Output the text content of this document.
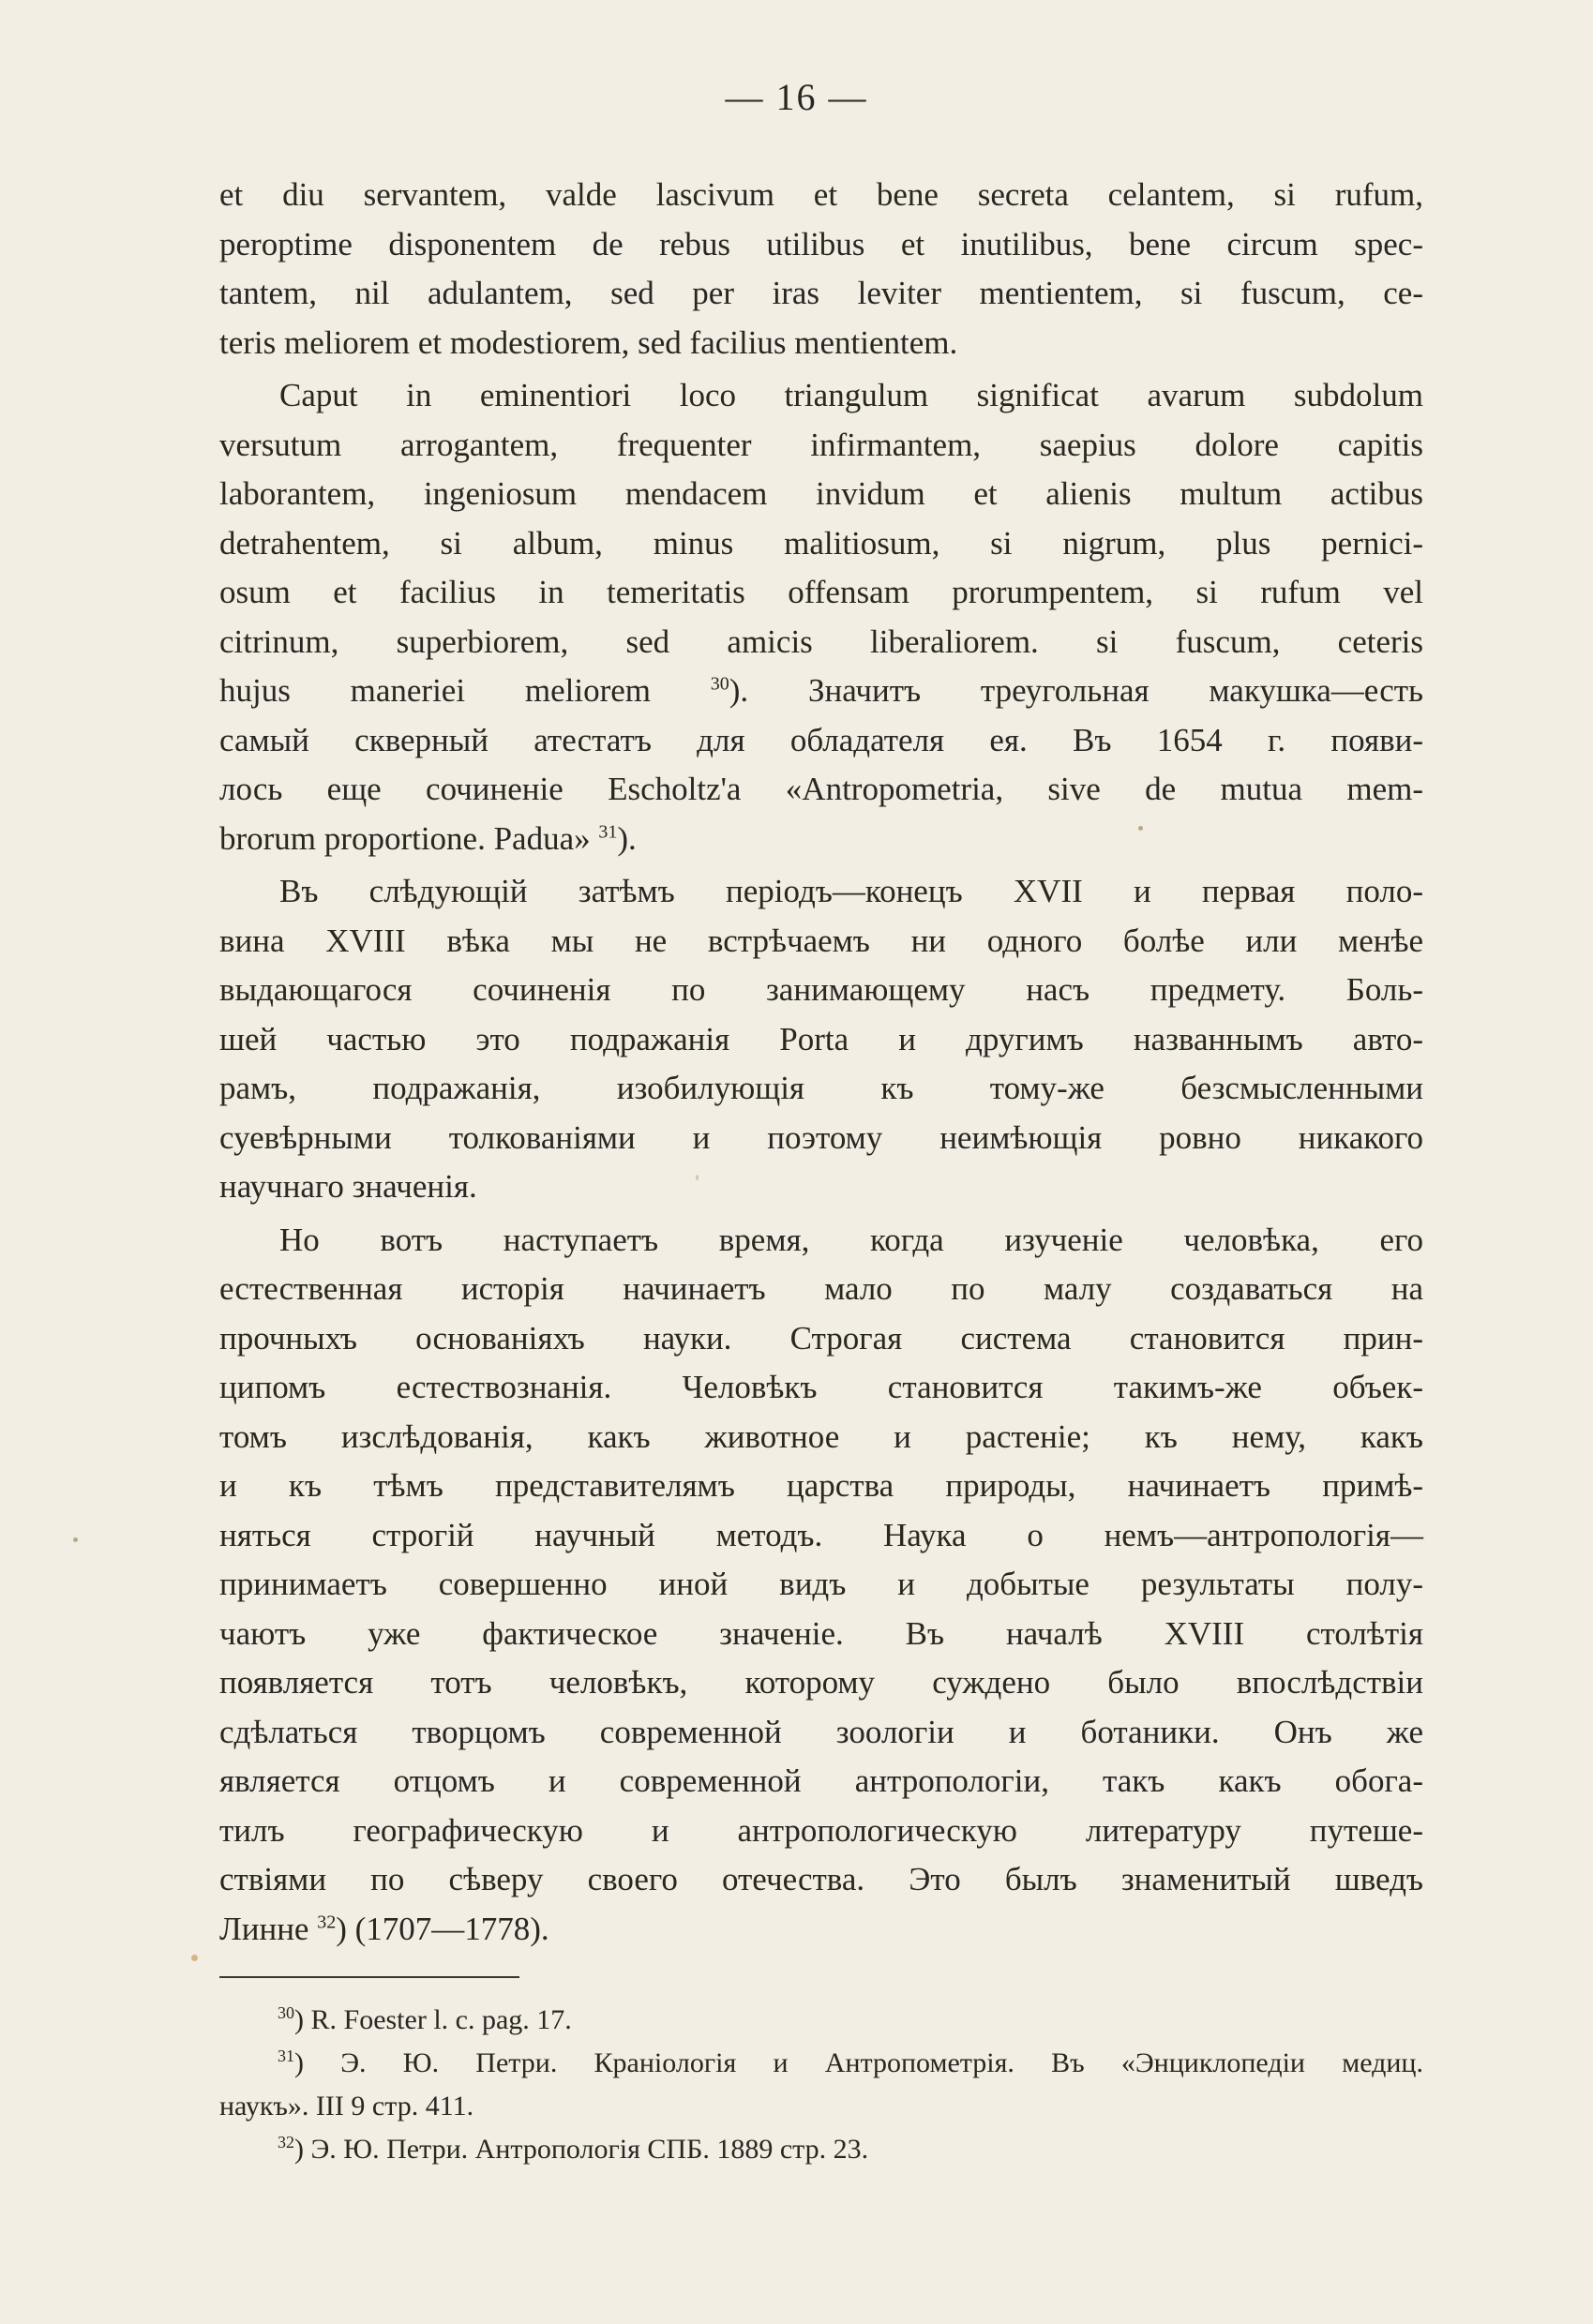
— 16 —
et diu servantem, valde lascivum et bene secreta celantem, si rufum,
peroptime disponentem de rebus utilibus et inutilibus, bene circum spec-
tantem, nil adulantem, sed per iras leviter mentientem, si fuscum, ce-
teris meliorem et modestiorem, sed facilius mentientem.
Caput in eminentiori loco triangulum significat avarum subdolum
versutum arrogantem, frequenter infirmantem, saepius dolore capitis
laborantem, ingeniosum mendacem invidum et alienis multum actibus
detrahentem, si album, minus malitiosum, si nigrum, plus pernici-
osum et facilius in temeritatis offensam prorumpentem, si rufum vel
citrinum, superbiorem, sed amicis liberaliorem. si fuscum, ceteris
hujus maneriei meliorem $^{30}$). Значитъ треугольная макушка—есть
самый скверный атестатъ для обладателя ея. Въ 1654 г. появи-
лось еще сочиненіе Escholtz'a «Antropometria, sive de mutua mem-
brorum proportione. Padua» $^{31}$).
Въ слѣдующій затѣмъ періодъ—конецъ XVII и первая поло-
вина XVIII вѣка мы не встрѣчаемъ ни одного болѣе или менѣе
выдающагося сочиненія по занимающему насъ предмету. Боль-
шей частью это подражанія Porta и другимъ названнымъ авто-
рамъ, подражанія, изобилующія къ тому-же безсмысленными
суевѣрными толкованіями и поэтому неимѣющія ровно никакого
научнаго значенія.
Но вотъ наступаетъ время, когда изученіе человѣка, его
естественная исторія начинаетъ мало по малу создаваться на
прочныхъ основаніяхъ науки. Строгая система становится прин-
ципомъ естествознанія. Человѣкъ становится такимъ-же объек-
томъ изслѣдованія, какъ животное и растеніе; къ нему, какъ
и къ тѣмъ представителямъ царства природы, начинаетъ примѣ-
няться строгій научный методъ. Наука о немъ—антропологія—
принимаетъ совершенно иной видъ и добытые результаты полу-
чаютъ уже фактическое значеніе. Въ началѣ XVIII столѣтія
появляется тотъ человѣкъ, которому суждено было впослѣдствіи
сдѣлаться творцомъ современной зоологіи и ботаники. Онъ же
является отцомъ и современной антропологіи, такъ какъ обога-
тилъ географическую и антропологическую литературу путеше-
ствіями по сѣверу своего отечества. Это былъ знаменитый шведъ
Линне $^{32}$) (1707—1778).
$^{30}$) R. Foester l. c. pag. 17.
$^{31}$) Э. Ю. Петри. Краніологія и Антропометрія. Въ «Энциклопедіи медиц.
наукъ». III 9 стр. 411.
$^{32}$) Э. Ю. Петри. Антропологія СПБ. 1889 стр. 23.
